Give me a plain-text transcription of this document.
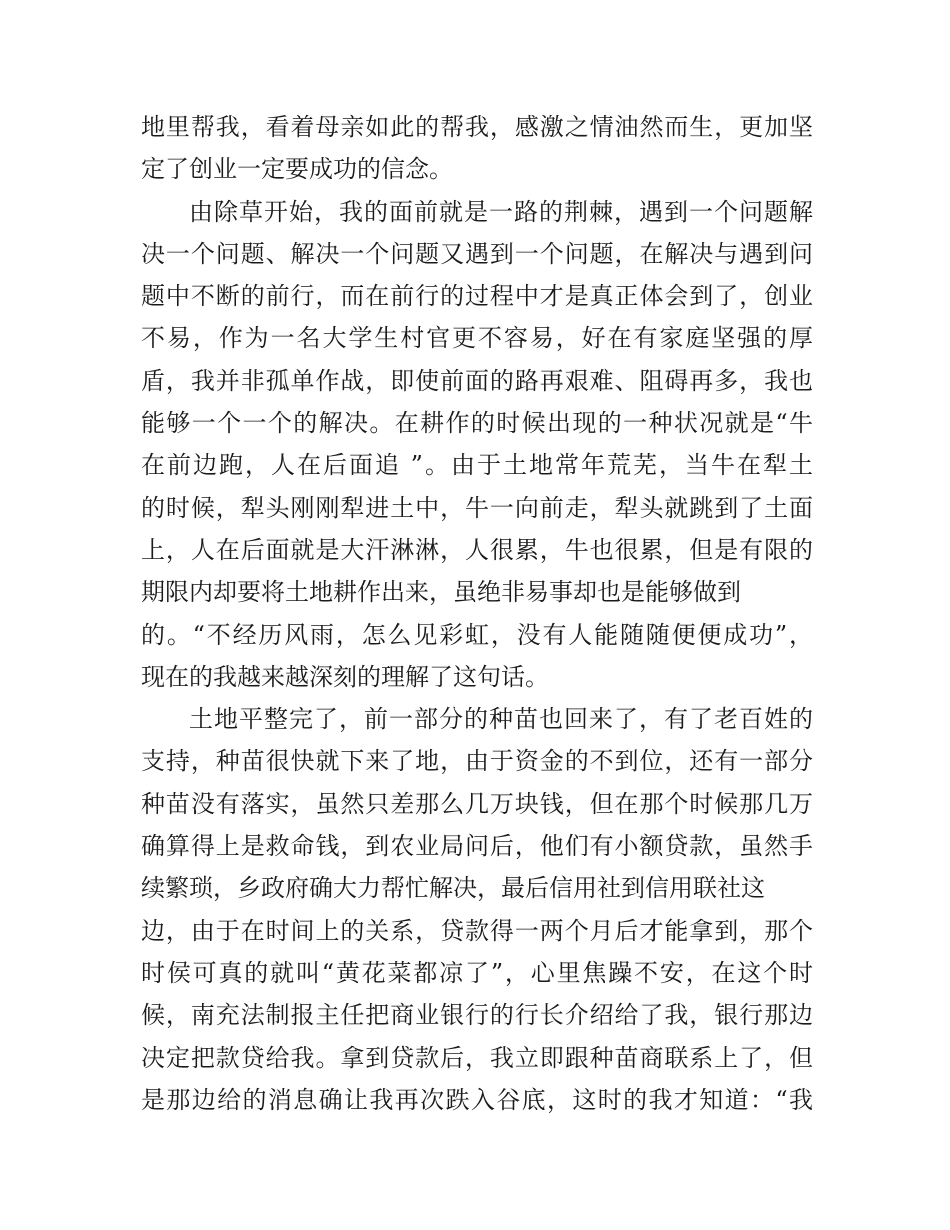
地里帮我，看着母亲如此的帮我，感激之情油然而生，更加坚
定了创业一定要成功的信念。
由除草开始，我的面前就是一路的荆棘，遇到一个问题解
决一个问题、解决一个问题又遇到一个问题，在解决与遇到问
题中不断的前行，而在前行的过程中才是真正体会到了，创业
不易，作为一名大学生村官更不容易，好在有家庭坚强的厚
盾，我并非孤单作战，即使前面的路再艰难、阻碍再多，我也
能够一个一个的解决。在耕作的时候出现的一种状况就是“牛
在前边跑，人在后面追 ”。由于土地常年荒芜，当牛在犁土
的时候，犁头刚刚犁进土中，牛一向前走，犁头就跳到了土面
上，人在后面就是大汗淋淋，人很累，牛也很累，但是有限的
期限内却要将土地耕作出来，虽绝非易事却也是能够做到
的。“不经历风雨，怎么见彩虹，没有人能随随便便成功”，
现在的我越来越深刻的理解了这句话。
土地平整完了，前一部分的种苗也回来了，有了老百姓的
支持，种苗很快就下来了地，由于资金的不到位，还有一部分
种苗没有落实，虽然只差那么几万块钱，但在那个时候那几万
确算得上是救命钱，到农业局问后，他们有小额贷款，虽然手
续繁琐，乡政府确大力帮忙解决，最后信用社到信用联社这
边，由于在时间上的关系，贷款得一两个月后才能拿到，那个
时侯可真的就叫“黄花菜都凉了”，心里焦躁不安，在这个时
候，南充法制报主任把商业银行的行长介绍给了我，银行那边
决定把款贷给我。拿到贷款后，我立即跟种苗商联系上了，但
是那边给的消息确让我再次跌入谷底，这时的我才知道：“我
